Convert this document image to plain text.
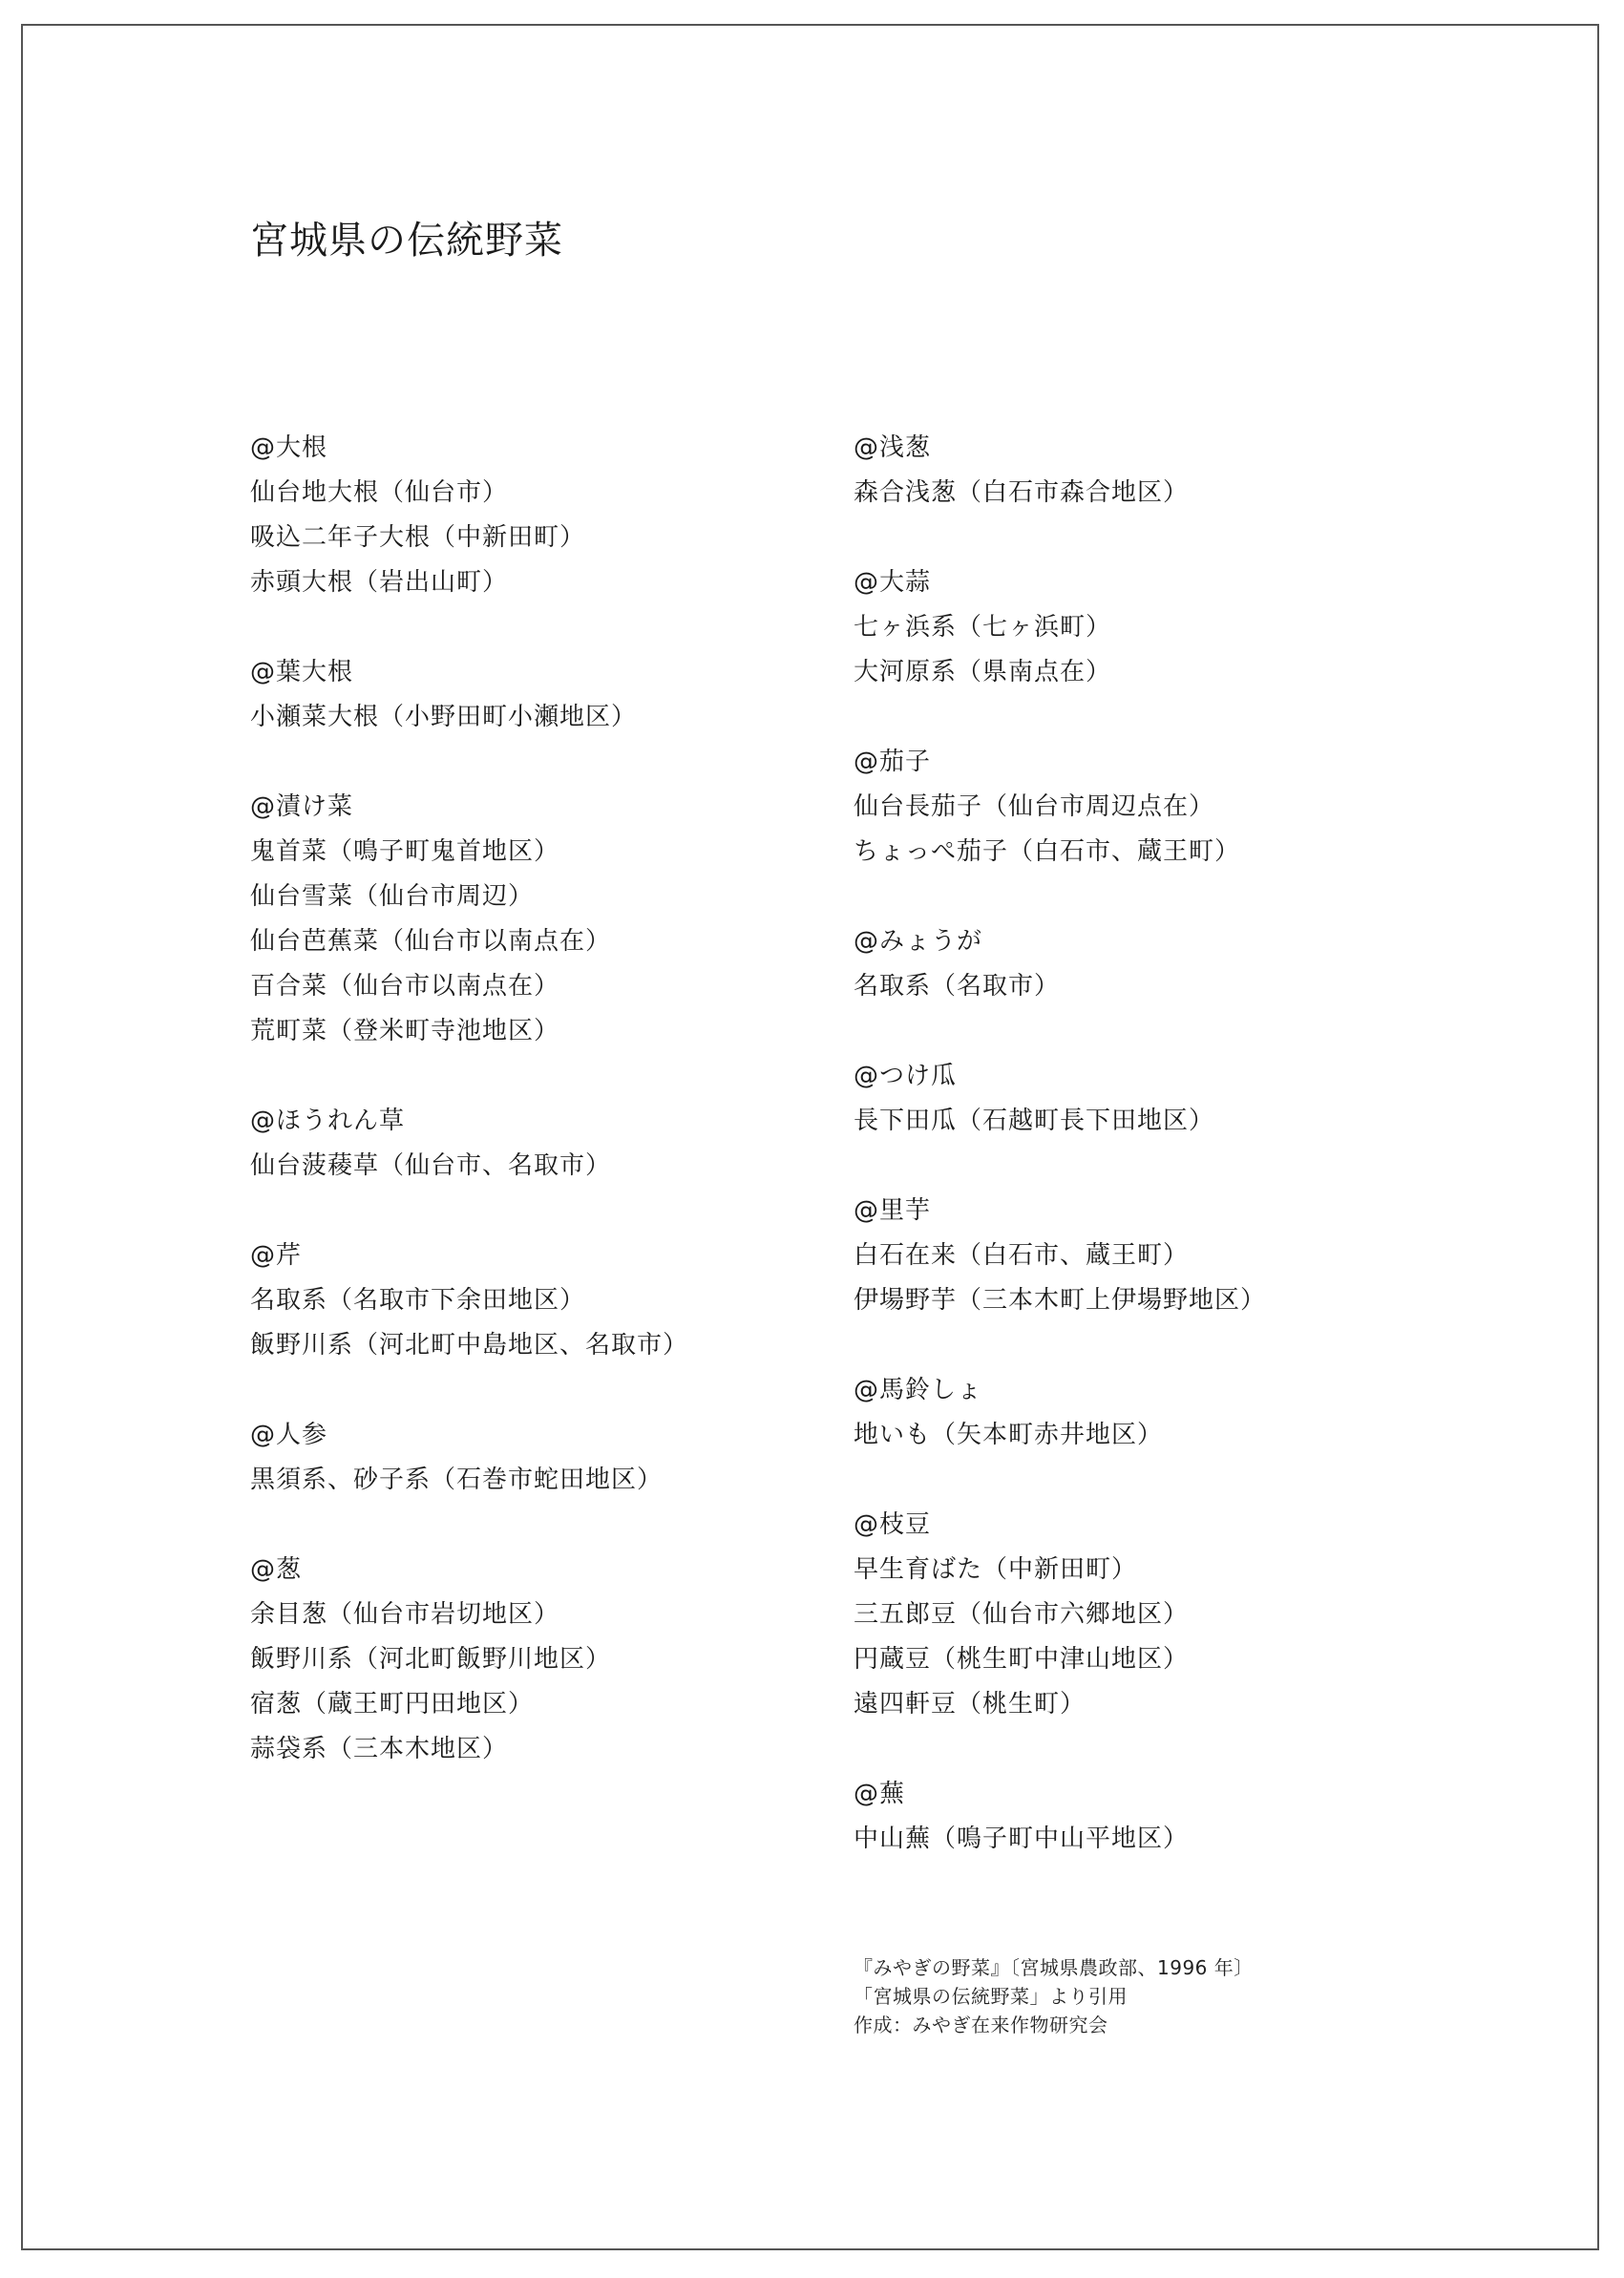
宮城県の伝統野菜
@大根
仙台地大根（仙台市）
吸込二年子大根（中新田町）
赤頭大根（岩出山町）
@葉大根
小瀬菜大根（小野田町小瀬地区）
@漬け菜
鬼首菜（鳴子町鬼首地区）
仙台雪菜（仙台市周辺）
仙台芭蕉菜（仙台市以南点在）
百合菜（仙台市以南点在）
荒町菜（登米町寺池地区）
@ほうれん草
仙台菠薐草（仙台市、名取市）
@芹
名取系（名取市下余田地区）
飯野川系（河北町中島地区、名取市）
@人参
黒須系、砂子系（石巻市蛇田地区）
@葱
余目葱（仙台市岩切地区）
飯野川系（河北町飯野川地区）
宿葱（蔵王町円田地区）
蒜袋系（三本木地区）
@浅葱
森合浅葱（白石市森合地区）
@大蒜
七ヶ浜系（七ヶ浜町）
大河原系（県南点在）
@茄子
仙台長茄子（仙台市周辺点在）
ちょっぺ茄子（白石市、蔵王町）
@みょうが
名取系（名取市）
@つけ瓜
長下田瓜（石越町長下田地区）
@里芋
白石在来（白石市、蔵王町）
伊場野芋（三本木町上伊場野地区）
@馬鈴しょ
地いも（矢本町赤井地区）
@枝豆
早生育ばた（中新田町）
三五郎豆（仙台市六郷地区）
円蔵豆（桃生町中津山地区）
遠四軒豆（桃生町）
@蕪
中山蕪（鳴子町中山平地区）
『みやぎの野菜』〔宮城県農政部、1996 年〕
「宮城県の伝統野菜」より引用
作成：みやぎ在来作物研究会
